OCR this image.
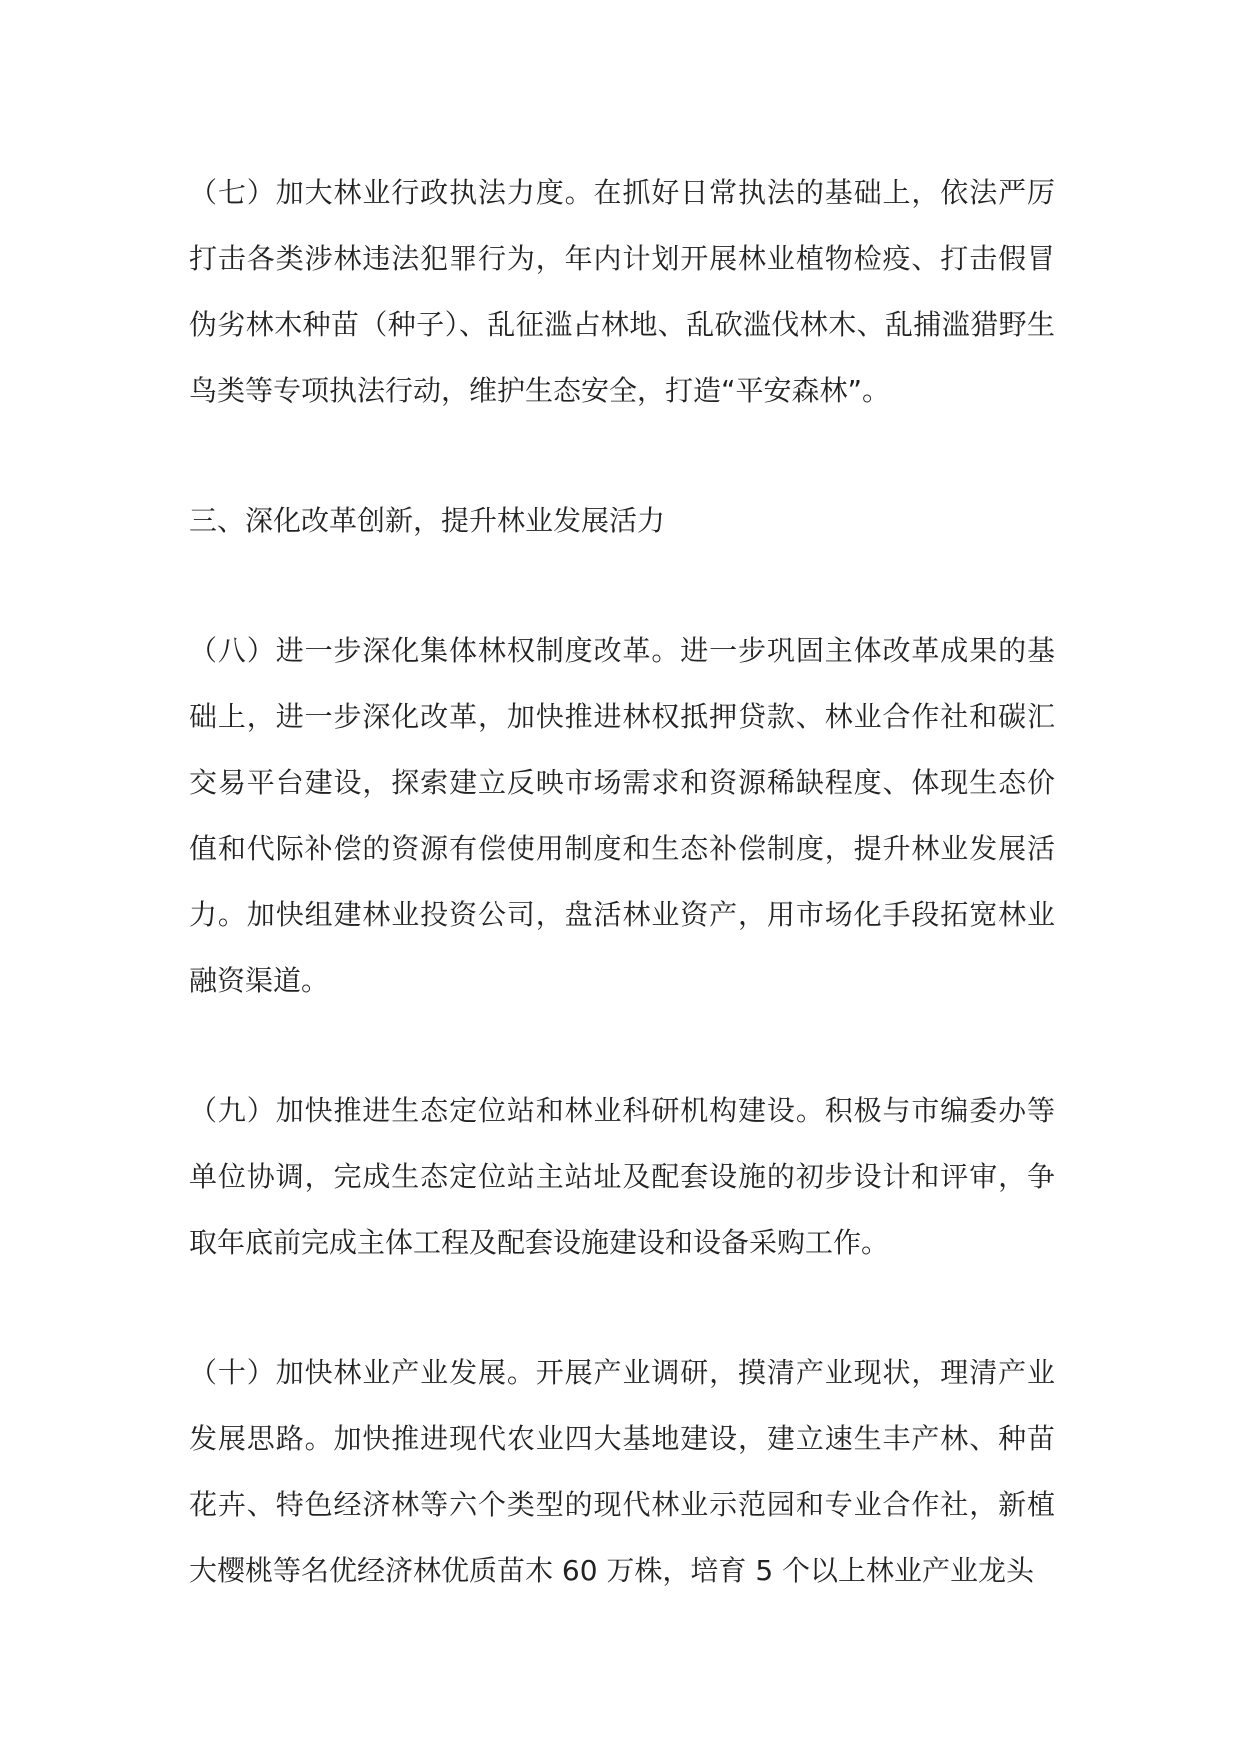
（七）加大林业行政执法力度。在抓好日常执法的基础上，依法严厉打击各类涉林违法犯罪行为，年内计划开展林业植物检疫、打击假冒伪劣林木种苗（种子）、乱征滥占林地、乱砍滥伐林木、乱捕滥猎野生鸟类等专项执法行动，维护生态安全，打造“平安森林”。

三、深化改革创新，提升林业发展活力

（八）进一步深化集体林权制度改革。进一步巩固主体改革成果的基础上，进一步深化改革，加快推进林权抵押贷款、林业合作社和碳汇交易平台建设，探索建立反映市场需求和资源稀缺程度、体现生态价值和代际补偿的资源有偿使用制度和生态补偿制度，提升林业发展活力。加快组建林业投资公司，盘活林业资产，用市场化手段拓宽林业融资渠道。

（九）加快推进生态定位站和林业科研机构建设。积极与市编委办等单位协调，完成生态定位站主站址及配套设施的初步设计和评审，争取年底前完成主体工程及配套设施建设和设备采购工作。

（十）加快林业产业发展。开展产业调研，摸清产业现状，理清产业发展思路。加快推进现代农业四大基地建设，建立速生丰产林、种苗花卉、特色经济林等六个类型的现代林业示范园和专业合作社，新植大樱桃等名优经济林优质苗木 60 万株，培育 5 个以上林业产业龙头
